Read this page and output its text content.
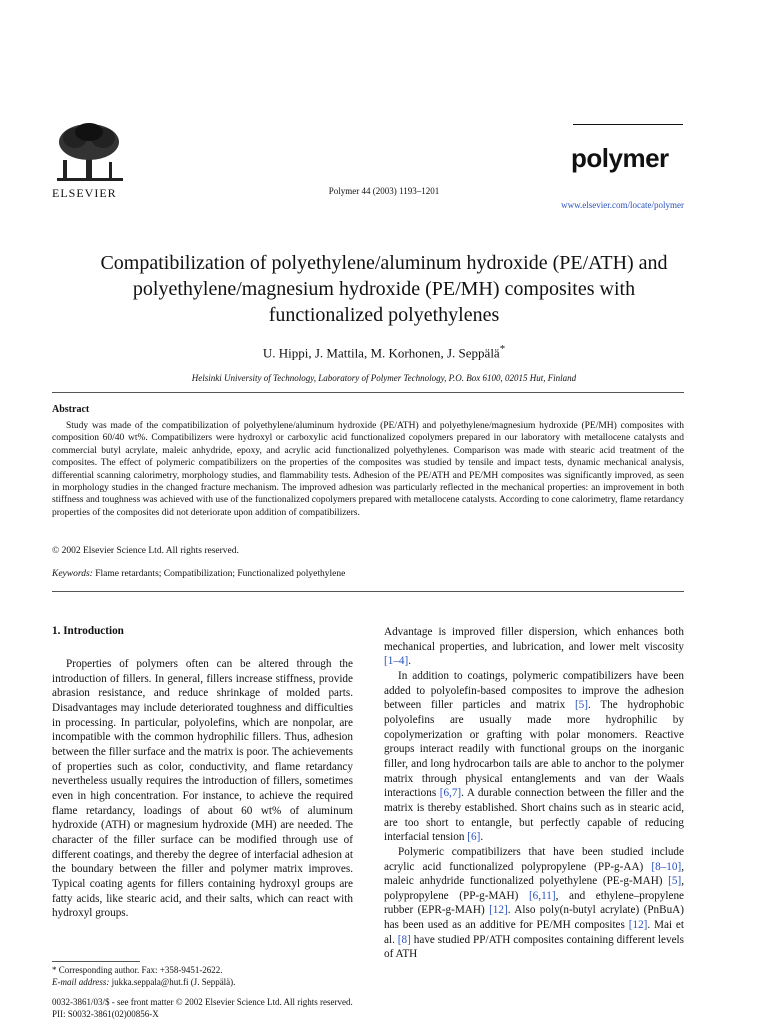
ELSEVIER	Polymer 44 (2003) 1193–1201
polymer
www.elsevier.com/locate/polymer
Compatibilization of polyethylene/aluminum hydroxide (PE/ATH) and
polyethylene/magnesium hydroxide (PE/MH) composites with
functionalized polyethylenes
U. Hippi, J. Mattila, M. Korhonen, J. Seppälä*
Helsinki University of Technology, Laboratory of Polymer Technology, P.O. Box 6100, 02015 Hut, Finland
Abstract
Study was made of the compatibilization of polyethylene/aluminum hydroxide (PE/ATH) and polyethylene/magnesium hydroxide (PE/MH) composites with composition 60/40 wt%. Compatibilizers were hydroxyl or carboxylic acid functionalized copolymers prepared in our laboratory with metallocene catalysts and commercial butyl acrylate, maleic anhydride, epoxy, and acrylic acid functionalized polyethylenes. Comparison was made with stearic acid treatment of the composites. The effect of polymeric compatibilizers on the properties of the composites was studied by tensile and impact tests, dynamic mechanical analysis, differential scanning calorimetry, morphology studies, and flammability tests. Adhesion of the PE/ATH and PE/MH composites was significantly improved, as seen in morphology studies in the changed fracture mechanism. The improved adhesion was particularly reflected in the mechanical properties: an improvement in both stiffness and toughness was achieved with use of the functionalized copolymers prepared with metallocene catalysts. According to cone calorimetry, flame retardancy properties of the composites did not deteriorate upon addition of compatibilizers.
© 2002 Elsevier Science Ltd. All rights reserved.
Keywords: Flame retardants; Compatibilization; Functionalized polyethylene
1. Introduction

Properties of polymers often can be altered through the introduction of fillers. In general, fillers increase stiffness, provide abrasion resistance, and reduce shrinkage of molded parts. Disadvantages may include deteriorated toughness and difficulties in processing. In particular, polyolefins, which are nonpolar, are incompatible with the common hydrophilic fillers. Thus, adhesion between the filler surface and the matrix is poor. The achievements of properties such as color, conductivity, and flame retardancy nevertheless usually requires the introduction of fillers, sometimes even in high concentration. For instance, to achieve the required flame retardancy, loadings of about 60 wt% of aluminum hydroxide (ATH) or magnesium hydroxide (MH) are needed. The character of the filler surface can be modified through use of different coatings, and thereby the degree of interfacial adhesion at the boundary between the filler and polymer matrix improves. Typical coating agents for fillers containing hydroxyl groups are fatty acids, like stearic acid, and their salts, which can react with hydroxyl groups.

Advantage is improved filler dispersion, which enhances both mechanical properties, and lubrication, and lower melt viscosity [1–4].

In addition to coatings, polymeric compatibilizers have been added to polyolefin-based composites to improve the adhesion between filler particles and matrix [5]. The hydrophobic polyolefins are usually made more hydrophilic by copolymerization or grafting with polar monomers. Reactive groups interact readily with functional groups on the inorganic filler, and long hydrocarbon tails are able to anchor to the polymer matrix through physical entanglements and van der Waals interactions [6,7]. A durable connection between the filler and the matrix is thereby established. Short chains such as in stearic acid, are too short to entangle, but perfectly capable of reducing interfacial tension [6].

Polymeric compatibilizers that have been studied include acrylic acid functionalized polypropylene (PP-g-AA) [8–10], maleic anhydride functionalized polyethylene (PE-g-MAH) [5], polypropylene (PP-g-MAH) [6,11], and ethylene–propylene rubber (EPR-g-MAH) [12]. Also poly(n-butyl acrylate) (PnBuA) has been used as an additive for PE/MH composites [12]. Mai et al. [8] have studied PP/ATH composites containing different levels of ATH

* Corresponding author. Fax: +358-9451-2622.
E-mail address: jukka.seppala@hut.fi (J. Seppälä).
0032-3861/03/$ - see front matter © 2002 Elsevier Science Ltd. All rights reserved.
PII: S0032-3861(02)00856-X
